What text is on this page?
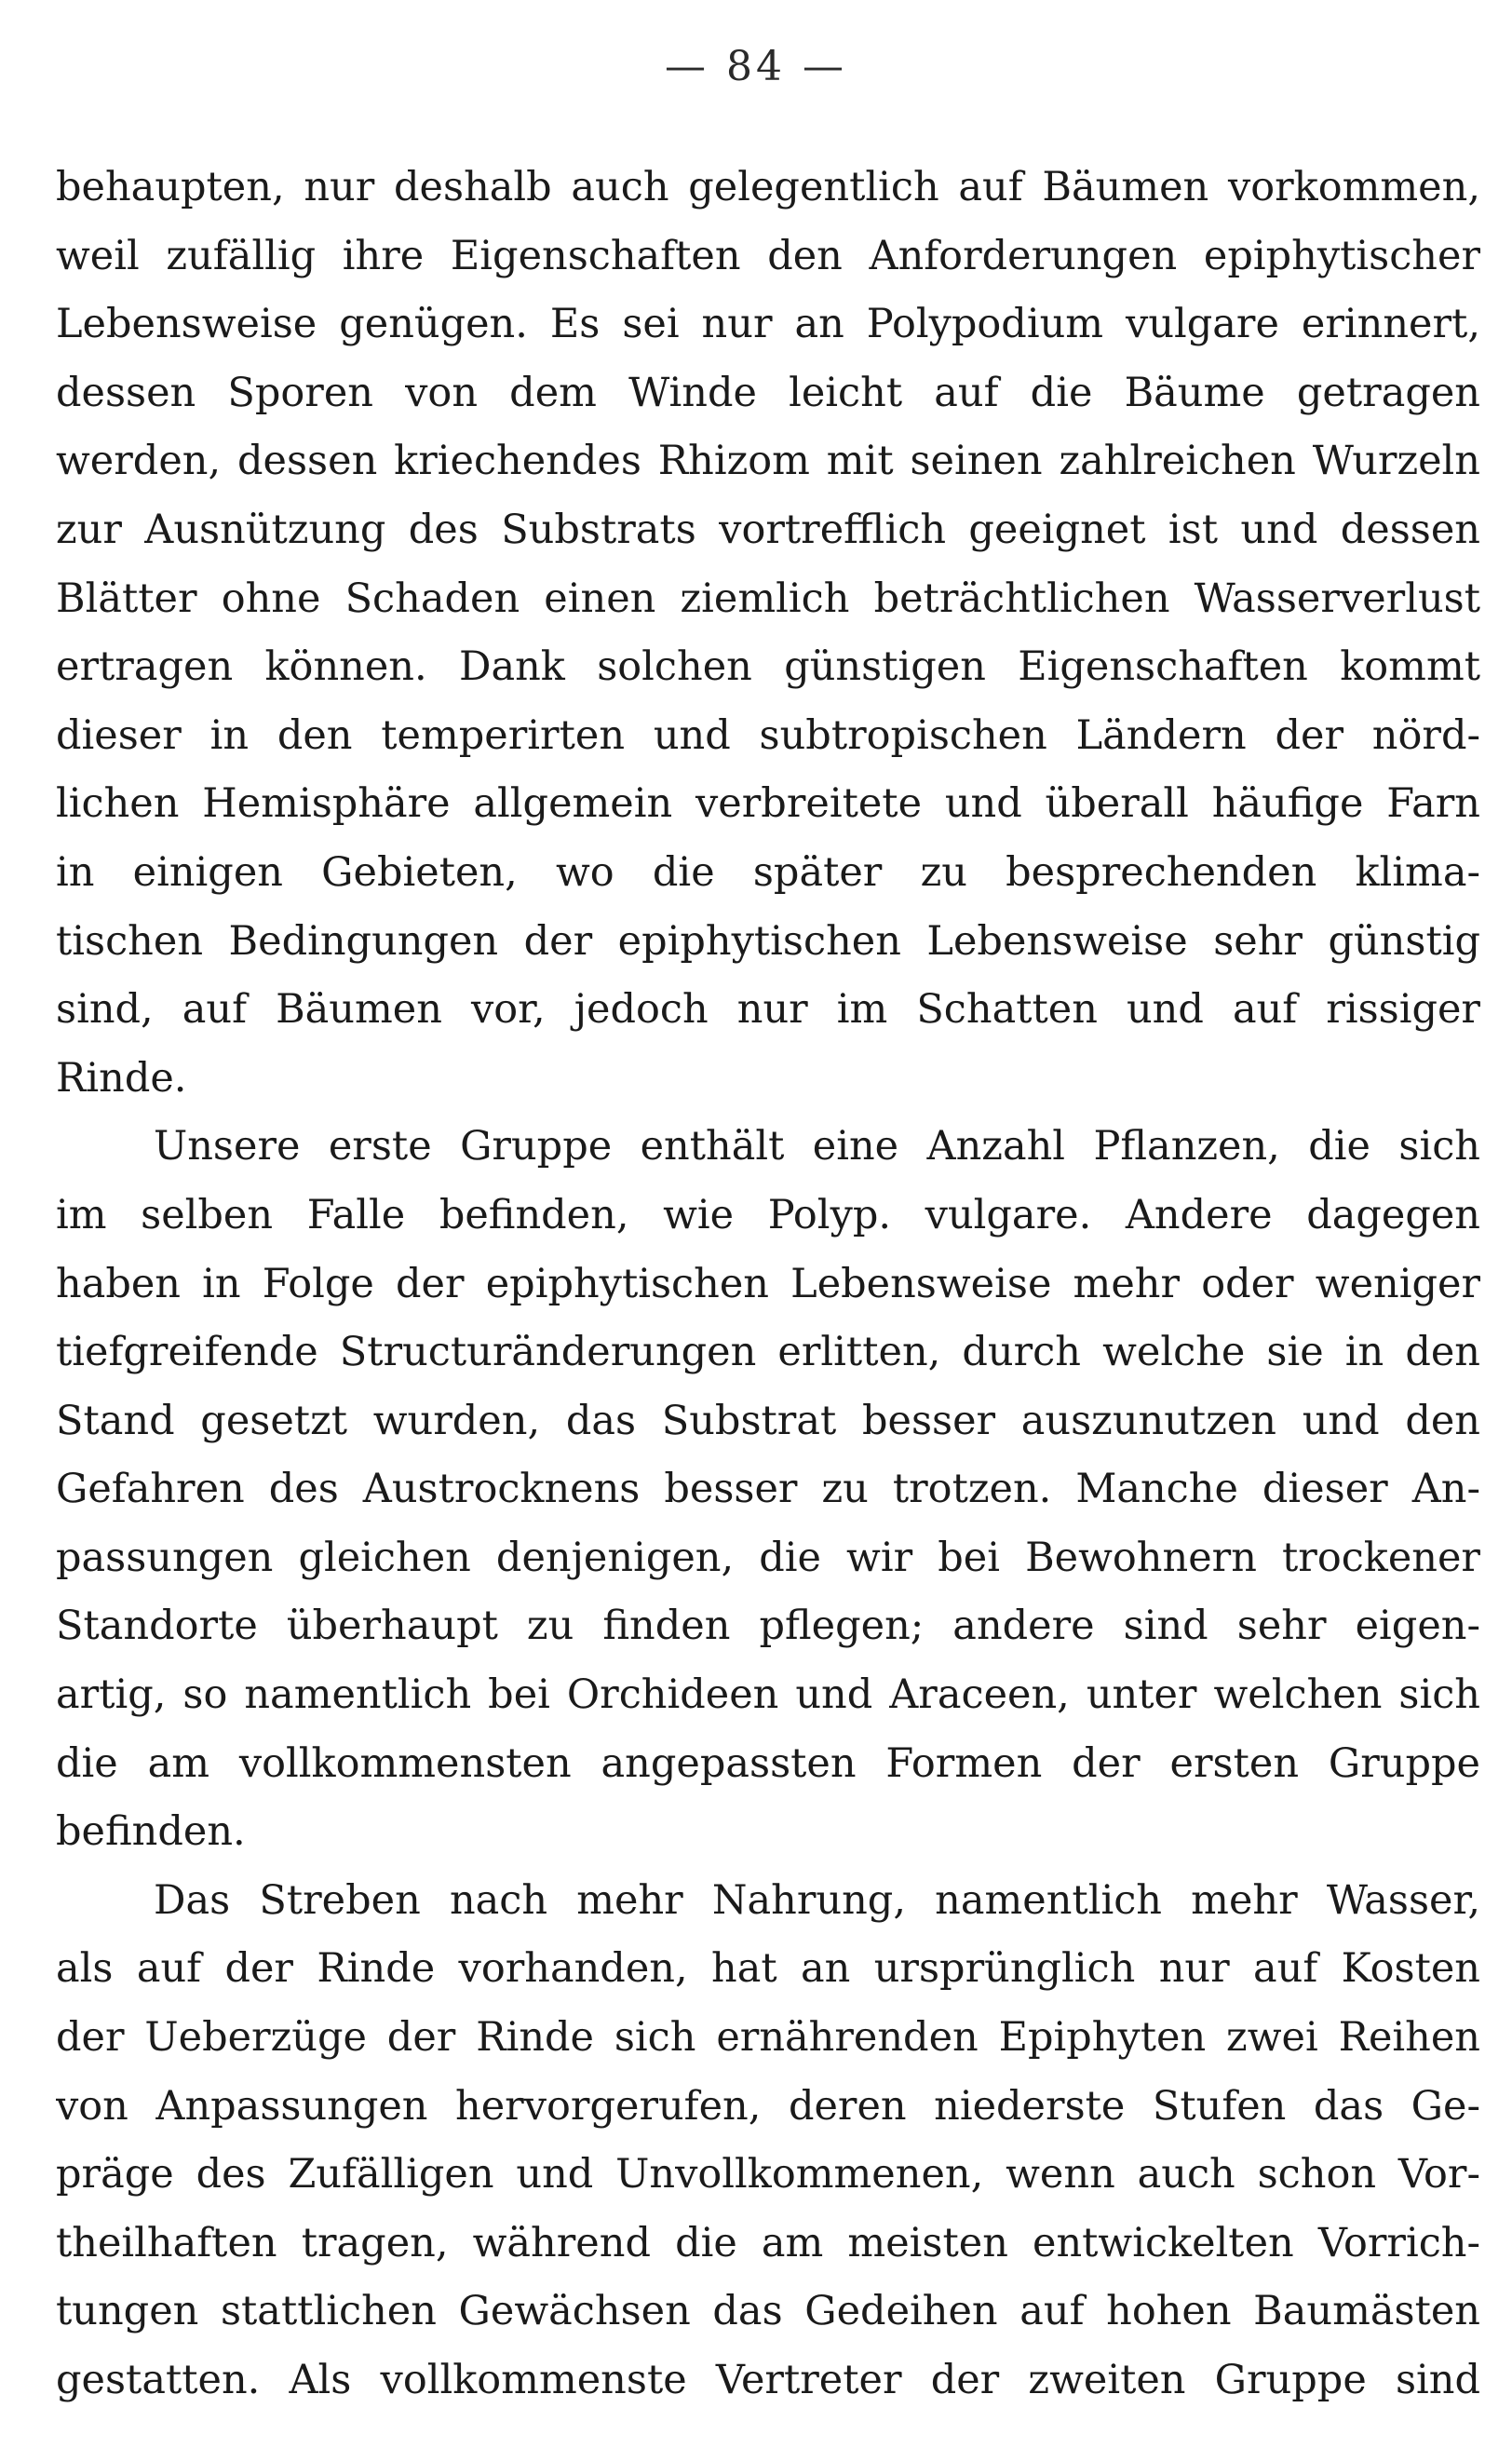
— 84 —
behaupten, nur deshalb auch gelegentlich auf Bäumen vorkommen,
weil zufällig ihre Eigenschaften den Anforderungen epiphytischer
Lebensweise genügen. Es sei nur an Polypodium vulgare erinnert,
dessen Sporen von dem Winde leicht auf die Bäume getragen
werden, dessen kriechendes Rhizom mit seinen zahlreichen Wurzeln
zur Ausnützung des Substrats vortrefflich geeignet ist und dessen
Blätter ohne Schaden einen ziemlich beträchtlichen Wasserverlust
ertragen können. Dank solchen günstigen Eigenschaften kommt
dieser in den temperirten und subtropischen Ländern der nörd-
lichen Hemisphäre allgemein verbreitete und überall häufige Farn
in einigen Gebieten, wo die später zu besprechenden klima-
tischen Bedingungen der epiphytischen Lebensweise sehr günstig
sind, auf Bäumen vor, jedoch nur im Schatten und auf rissiger
Rinde.
Unsere erste Gruppe enthält eine Anzahl Pflanzen, die sich
im selben Falle befinden, wie Polyp. vulgare. Andere dagegen
haben in Folge der epiphytischen Lebensweise mehr oder weniger
tiefgreifende Structuränderungen erlitten, durch welche sie in den
Stand gesetzt wurden, das Substrat besser auszunutzen und den
Gefahren des Austrocknens besser zu trotzen. Manche dieser An-
passungen gleichen denjenigen, die wir bei Bewohnern trockener
Standorte überhaupt zu finden pflegen; andere sind sehr eigen-
artig, so namentlich bei Orchideen und Araceen, unter welchen sich
die am vollkommensten angepassten Formen der ersten Gruppe
befinden.
Das Streben nach mehr Nahrung, namentlich mehr Wasser,
als auf der Rinde vorhanden, hat an ursprünglich nur auf Kosten
der Ueberzüge der Rinde sich ernährenden Epiphyten zwei Reihen
von Anpassungen hervorgerufen, deren niederste Stufen das Ge-
präge des Zufälligen und Unvollkommenen, wenn auch schon Vor-
theilhaften tragen, während die am meisten entwickelten Vorrich-
tungen stattlichen Gewächsen das Gedeihen auf hohen Baumästen
gestatten. Als vollkommenste Vertreter der zweiten Gruppe sind
